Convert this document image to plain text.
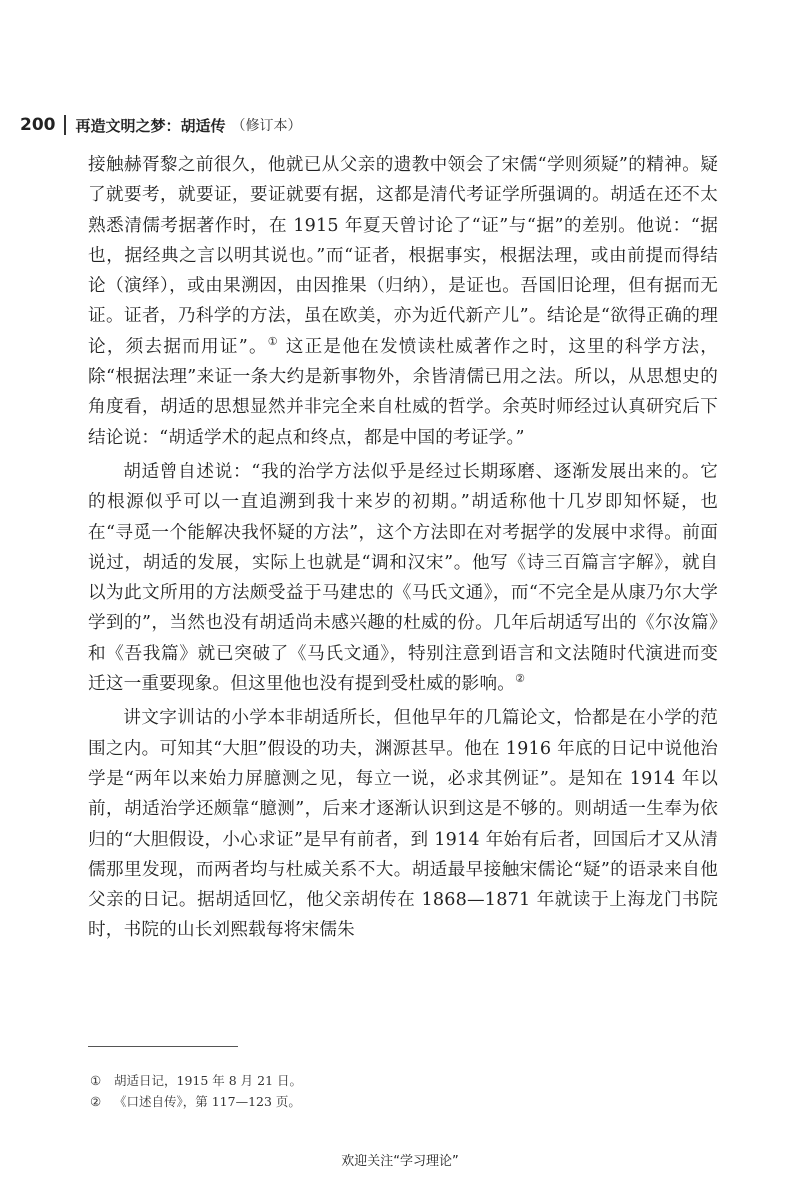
200 再造文明之梦：胡适传 （修订本）

接触赫胥黎之前很久，他就已从父亲的遗教中领会了宋儒“学则须疑”的精神。疑了就要考，就要证，要证就要有据，这都是清代考证学所强调的。胡适在还不太熟悉清儒考据著作时，在 1915 年夏天曾讨论了“证”与“据”的差别。他说：“据也，据经典之言以明其说也。”而“证者，根据事实，根据法理，或由前提而得结论（演绎），或由果溯因，由因推果（归纳），是证也。吾国旧论理，但有据而无证。证者，乃科学的方法，虽在欧美，亦为近代新产儿”。结论是“欲得正确的理论，须去据而用证”。① 这正是他在发愤读杜威著作之时，这里的科学方法，除“根据法理”来证一条大约是新事物外，余皆清儒已用之法。所以，从思想史的角度看，胡适的思想显然并非完全来自杜威的哲学。余英时师经过认真研究后下结论说：“胡适学术的起点和终点，都是中国的考证学。”

胡适曾自述说：“我的治学方法似乎是经过长期琢磨、逐渐发展出来的。它的根源似乎可以一直追溯到我十来岁的初期。”胡适称他十几岁即知怀疑，也在“寻觅一个能解决我怀疑的方法”，这个方法即在对考据学的发展中求得。前面说过，胡适的发展，实际上也就是“调和汉宋”。他写《诗三百篇言字解》，就自以为此文所用的方法颇受益于马建忠的《马氏文通》，而“不完全是从康乃尔大学学到的”，当然也没有胡适尚未感兴趣的杜威的份。几年后胡适写出的《尔汝篇》和《吾我篇》就已突破了《马氏文通》，特别注意到语言和文法随时代演进而变迁这一重要现象。但这里他也没有提到受杜威的影响。②

讲文字训诂的小学本非胡适所长，但他早年的几篇论文，恰都是在小学的范围之内。可知其“大胆”假设的功夫，渊源甚早。他在 1916 年底的日记中说他治学是“两年以来始力屏臆测之见，每立一说，必求其例证”。是知在 1914 年以前，胡适治学还颇靠“臆测”，后来才逐渐认识到这是不够的。则胡适一生奉为依归的“大胆假设，小心求证”是早有前者，到 1914 年始有后者，回国后才又从清儒那里发现，而两者均与杜威关系不大。胡适最早接触宋儒论“疑”的语录来自他父亲的日记。据胡适回忆，他父亲胡传在 1868—1871 年就读于上海龙门书院时，书院的山长刘熙载每将宋儒朱

①	胡适日记，1915 年 8 月 21 日。
②	《口述自传》，第 117—123 页。
欢迎关注“学习理论”
